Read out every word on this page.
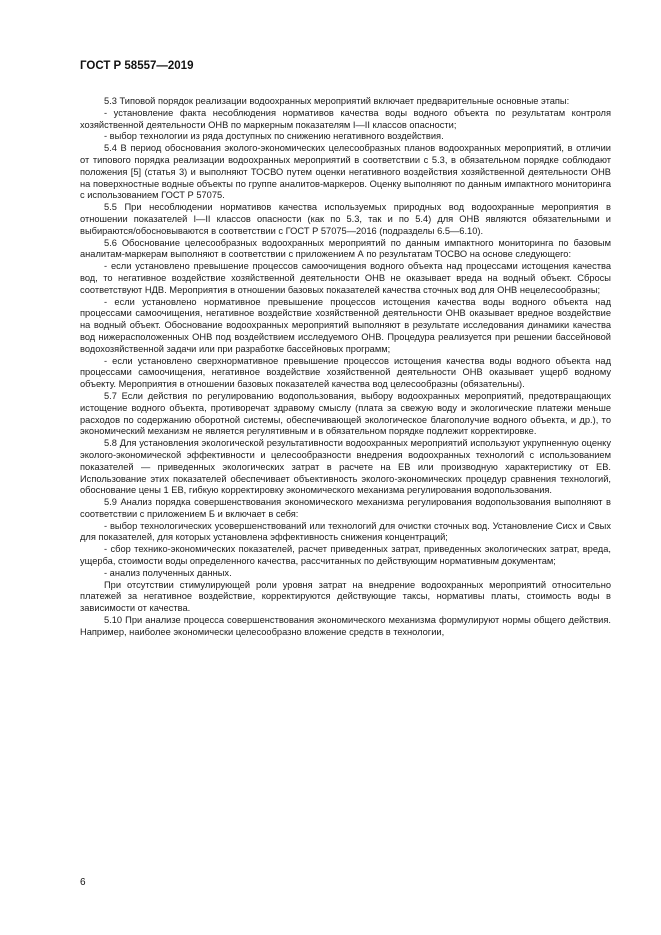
ГОСТ Р 58557—2019

5.3 Типовой порядок реализации водоохранных мероприятий включает предварительные основные этапы:

- установление факта несоблюдения нормативов качества воды водного объекта по результатам контроля хозяйственной деятельности ОНВ по маркерным показателям I—II классов опасности;

- выбор технологии из ряда доступных по снижению негативного воздействия.

5.4 В период обоснования эколого-экономических целесообразных планов водоохранных мероприятий, в отличии от типового порядка реализации водоохранных мероприятий в соответствии с 5.3, в обязательном порядке соблюдают положения [5] (статья 3) и выполняют ТОСВО путем оценки негативного воздействия хозяйственной деятельности ОНВ на поверхностные водные объекты по группе аналитов-маркеров. Оценку выполняют по данным импактного мониторинга с использованием ГОСТ Р 57075.

5.5 При несоблюдении нормативов качества используемых природных вод водоохранные мероприятия в отношении показателей I—II классов опасности (как по 5.3, так и по 5.4) для ОНВ являются обязательными и выбираются/обосновываются в соответствии с ГОСТ Р 57075—2016 (подразделы 6.5—6.10).

5.6 Обоснование целесообразных водоохранных мероприятий по данным импактного мониторинга по базовым аналитам-маркерам выполняют в соответствии с приложением А по результатам ТОСВО на основе следующего:

- если установлено превышение процессов самоочищения водного объекта над процессами истощения качества вод, то негативное воздействие хозяйственной деятельности ОНВ не оказывает вреда на водный объект. Сбросы соответствуют НДВ. Мероприятия в отношении базовых показателей качества сточных вод для ОНВ нецелесообразны;

- если установлено нормативное превышение процессов истощения качества воды водного объекта над процессами самоочищения, негативное воздействие хозяйственной деятельности ОНВ оказывает вредное воздействие на водный объект. Обоснование водоохранных мероприятий выполняют в результате исследования динамики качества вод нижерасположенных ОНВ под воздействием исследуемого ОНВ. Процедура реализуется при решении бассейновой водохозяйственной задачи или при разработке бассейновых программ;

- если установлено сверхнормативное превышение процессов истощения качества воды водного объекта над процессами самоочищения, негативное воздействие хозяйственной деятельности ОНВ оказывает ущерб водному объекту. Мероприятия в отношении базовых показателей качества вод целесообразны (обязательны).

5.7 Если действия по регулированию водопользования, выбору водоохранных мероприятий, предотвращающих истощение водного объекта, противоречат здравому смыслу (плата за свежую воду и экологические платежи меньше расходов по содержанию оборотной системы, обеспечивающей экологическое благополучие водного объекта, и др.), то экономический механизм не является регулятивным и в обязательном порядке подлежит корректировке.

5.8 Для установления экологической результативности водоохранных мероприятий используют укрупненную оценку эколого-экономической эффективности и целесообразности внедрения водоохранных технологий с использованием показателей — приведенных экологических затрат в расчете на ЕВ или производную характеристику от ЕВ. Использование этих показателей обеспечивает объективность эколого-экономических процедур сравнения технологий, обоснование цены 1 ЕВ, гибкую корректировку экономического механизма регулирования водопользования.

5.9 Анализ порядка совершенствования экономического механизма регулирования водопользования выполняют в соответствии с приложением Б и включает в себя:

- выбор технологических усовершенствований или технологий для очистки сточных вод. Установление Сисх и Свых для показателей, для которых установлена эффективность снижения концентраций;

- сбор технико-экономических показателей, расчет приведенных затрат, приведенных экологических затрат, вреда, ущерба, стоимости воды определенного качества, рассчитанных по действующим нормативным документам;

- анализ полученных данных.

При отсутствии стимулирующей роли уровня затрат на внедрение водоохранных мероприятий относительно платежей за негативное воздействие, корректируются действующие таксы, нормативы платы, стоимость воды в зависимости от качества.

5.10 При анализе процесса совершенствования экономического механизма формулируют нормы общего действия. Например, наиболее экономически целесообразно вложение средств в технологии,

6
